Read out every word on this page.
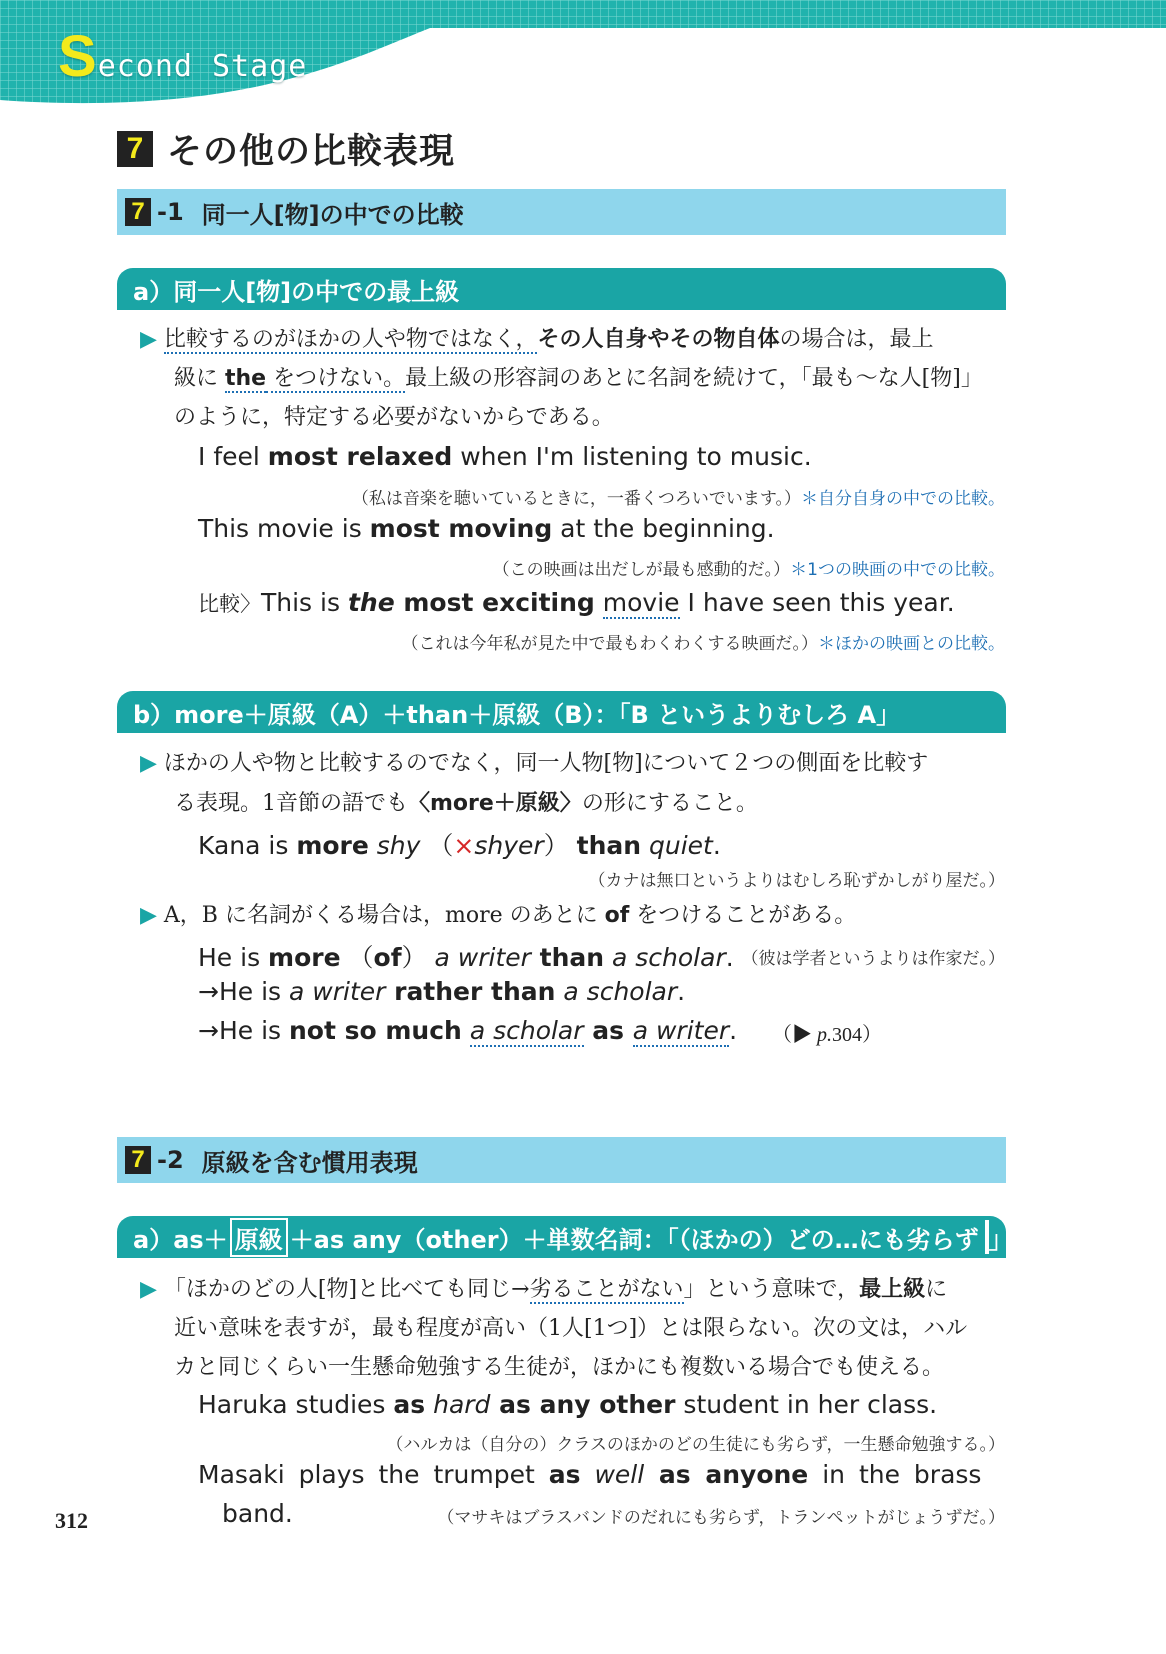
Second Stage
7 その他の比較表現
7 -1 同一人[物]の中での比較
a）同一人[物]の中での最上級
▶ 比較するのがほかの人や物ではなく，その人自身やその物自体の場合は，最上
級に the をつけない。最上級の形容詞のあとに名詞を続けて，「最も～な人[物]」
のように，特定する必要がないからである。
I feel most relaxed when I'm listening to music.
（私は音楽を聴いているときに，一番くつろいでいます。）＊自分自身の中での比較。
This movie is most moving at the beginning.
（この映画は出だしが最も感動的だ。）＊1つの映画の中での比較。
比較〉This is the most exciting movie I have seen this year.
（これは今年私が見た中で最もわくわくする映画だ。）＊ほかの映画との比較。
b）more＋原級（A）＋than＋原級（B）：「B というよりむしろ A」
▶ ほかの人や物と比較するのでなく，同一人物[物]について２つの側面を比較す
る表現。1音節の語でも〈more＋原級〉の形にすること。
Kana is more shy （×shyer） than quiet.
（カナは無口というよりはむしろ恥ずかしがり屋だ。）
▶ A，B に名詞がくる場合は，more のあとに of をつけることがある。
He is more （of） a writer than a scholar. （彼は学者というよりは作家だ。）
→He is a writer rather than a scholar.
→He is not so much a scholar as a writer. （▶ p.304）
7 -2 原級を含む慣用表現
a）as＋ 原級 ＋as any（other）＋単数名詞：「（ほかの）どの…にも劣らず 」
▶ 「ほかのどの人[物]と比べても同じ→劣ることがない」という意味で，最上級に
近い意味を表すが，最も程度が高い（1人[1つ]）とは限らない。次の文は，ハル
カと同じくらい一生懸命勉強する生徒が，ほかにも複数いる場合でも使える。
Haruka studies as hard as any other student in her class.
（ハルカは（自分の）クラスのほかのどの生徒にも劣らず，一生懸命勉強する。）
Masaki plays the trumpet as well as anyone in the brass
band.	（マサキはブラスバンドのだれにも劣らず，トランペットがじょうずだ。）
312
